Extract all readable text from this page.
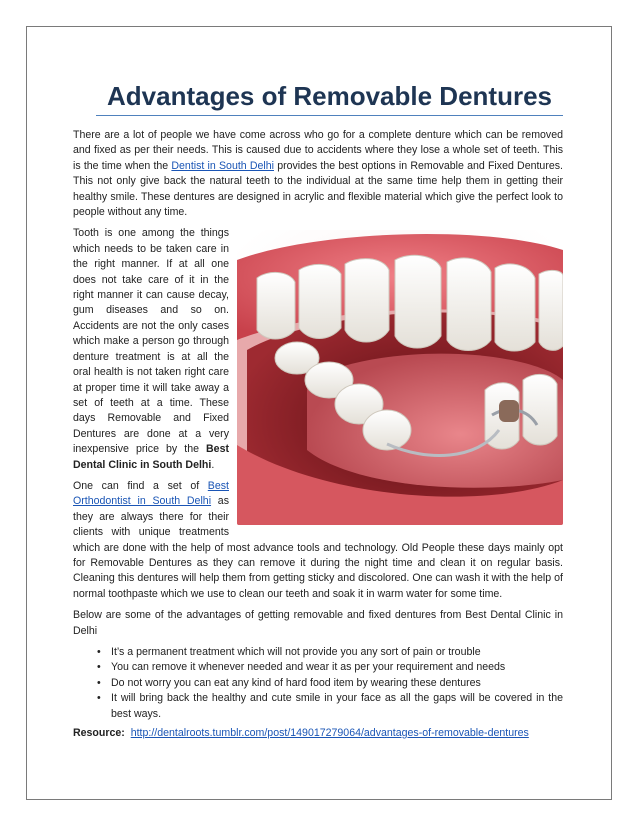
Advantages of Removable Dentures

There are a lot of people we have come across who go for a complete denture which can be removed and fixed as per their needs. This is caused due to accidents where they lose a whole set of teeth. This is the time when the Dentist in South Delhi provides the best options in Removable and Fixed Dentures. This not only give back the natural teeth to the individual at the same time help them in getting their healthy smile. These dentures are designed in acrylic and flexible material which give the perfect look to people without any time.

Tooth is one among the things which needs to be taken care in the right manner. If at all one does not take care of it in the right manner it can cause decay, gum diseases and so on. Accidents are not the only cases which make a person go through denture treatment is at all the oral health is not taken right care at proper time it will take away a set of teeth at a time. These days Removable and Fixed Dentures are done at a very inexpensive price by the Best Dental Clinic in South Delhi.

One can find a set of Best Orthodontist in South Delhi as they are always there for their clients with unique treatments which are done with the help of most advance tools and technology. Old People these days mainly opt for Removable Dentures as they can remove it during the night time and clean it on regular basis. Cleaning this dentures will help them from getting sticky and discolored. One can wash it with the help of normal toothpaste which we use to clean our teeth and soak it in warm water for some time.

Below are some of the advantages of getting removable and fixed dentures from Best Dental Clinic in Delhi

• It’s a permanent treatment which will not provide you any sort of pain or trouble
• You can remove it whenever needed and wear it as per your requirement and needs
• Do not worry you can eat any kind of hard food item by wearing these dentures
• It will bring back the healthy and cute smile in your face as all the gaps will be covered in the best ways.

Resource: http://dentalroots.tumblr.com/post/149017279064/advantages-of-removable-dentures
